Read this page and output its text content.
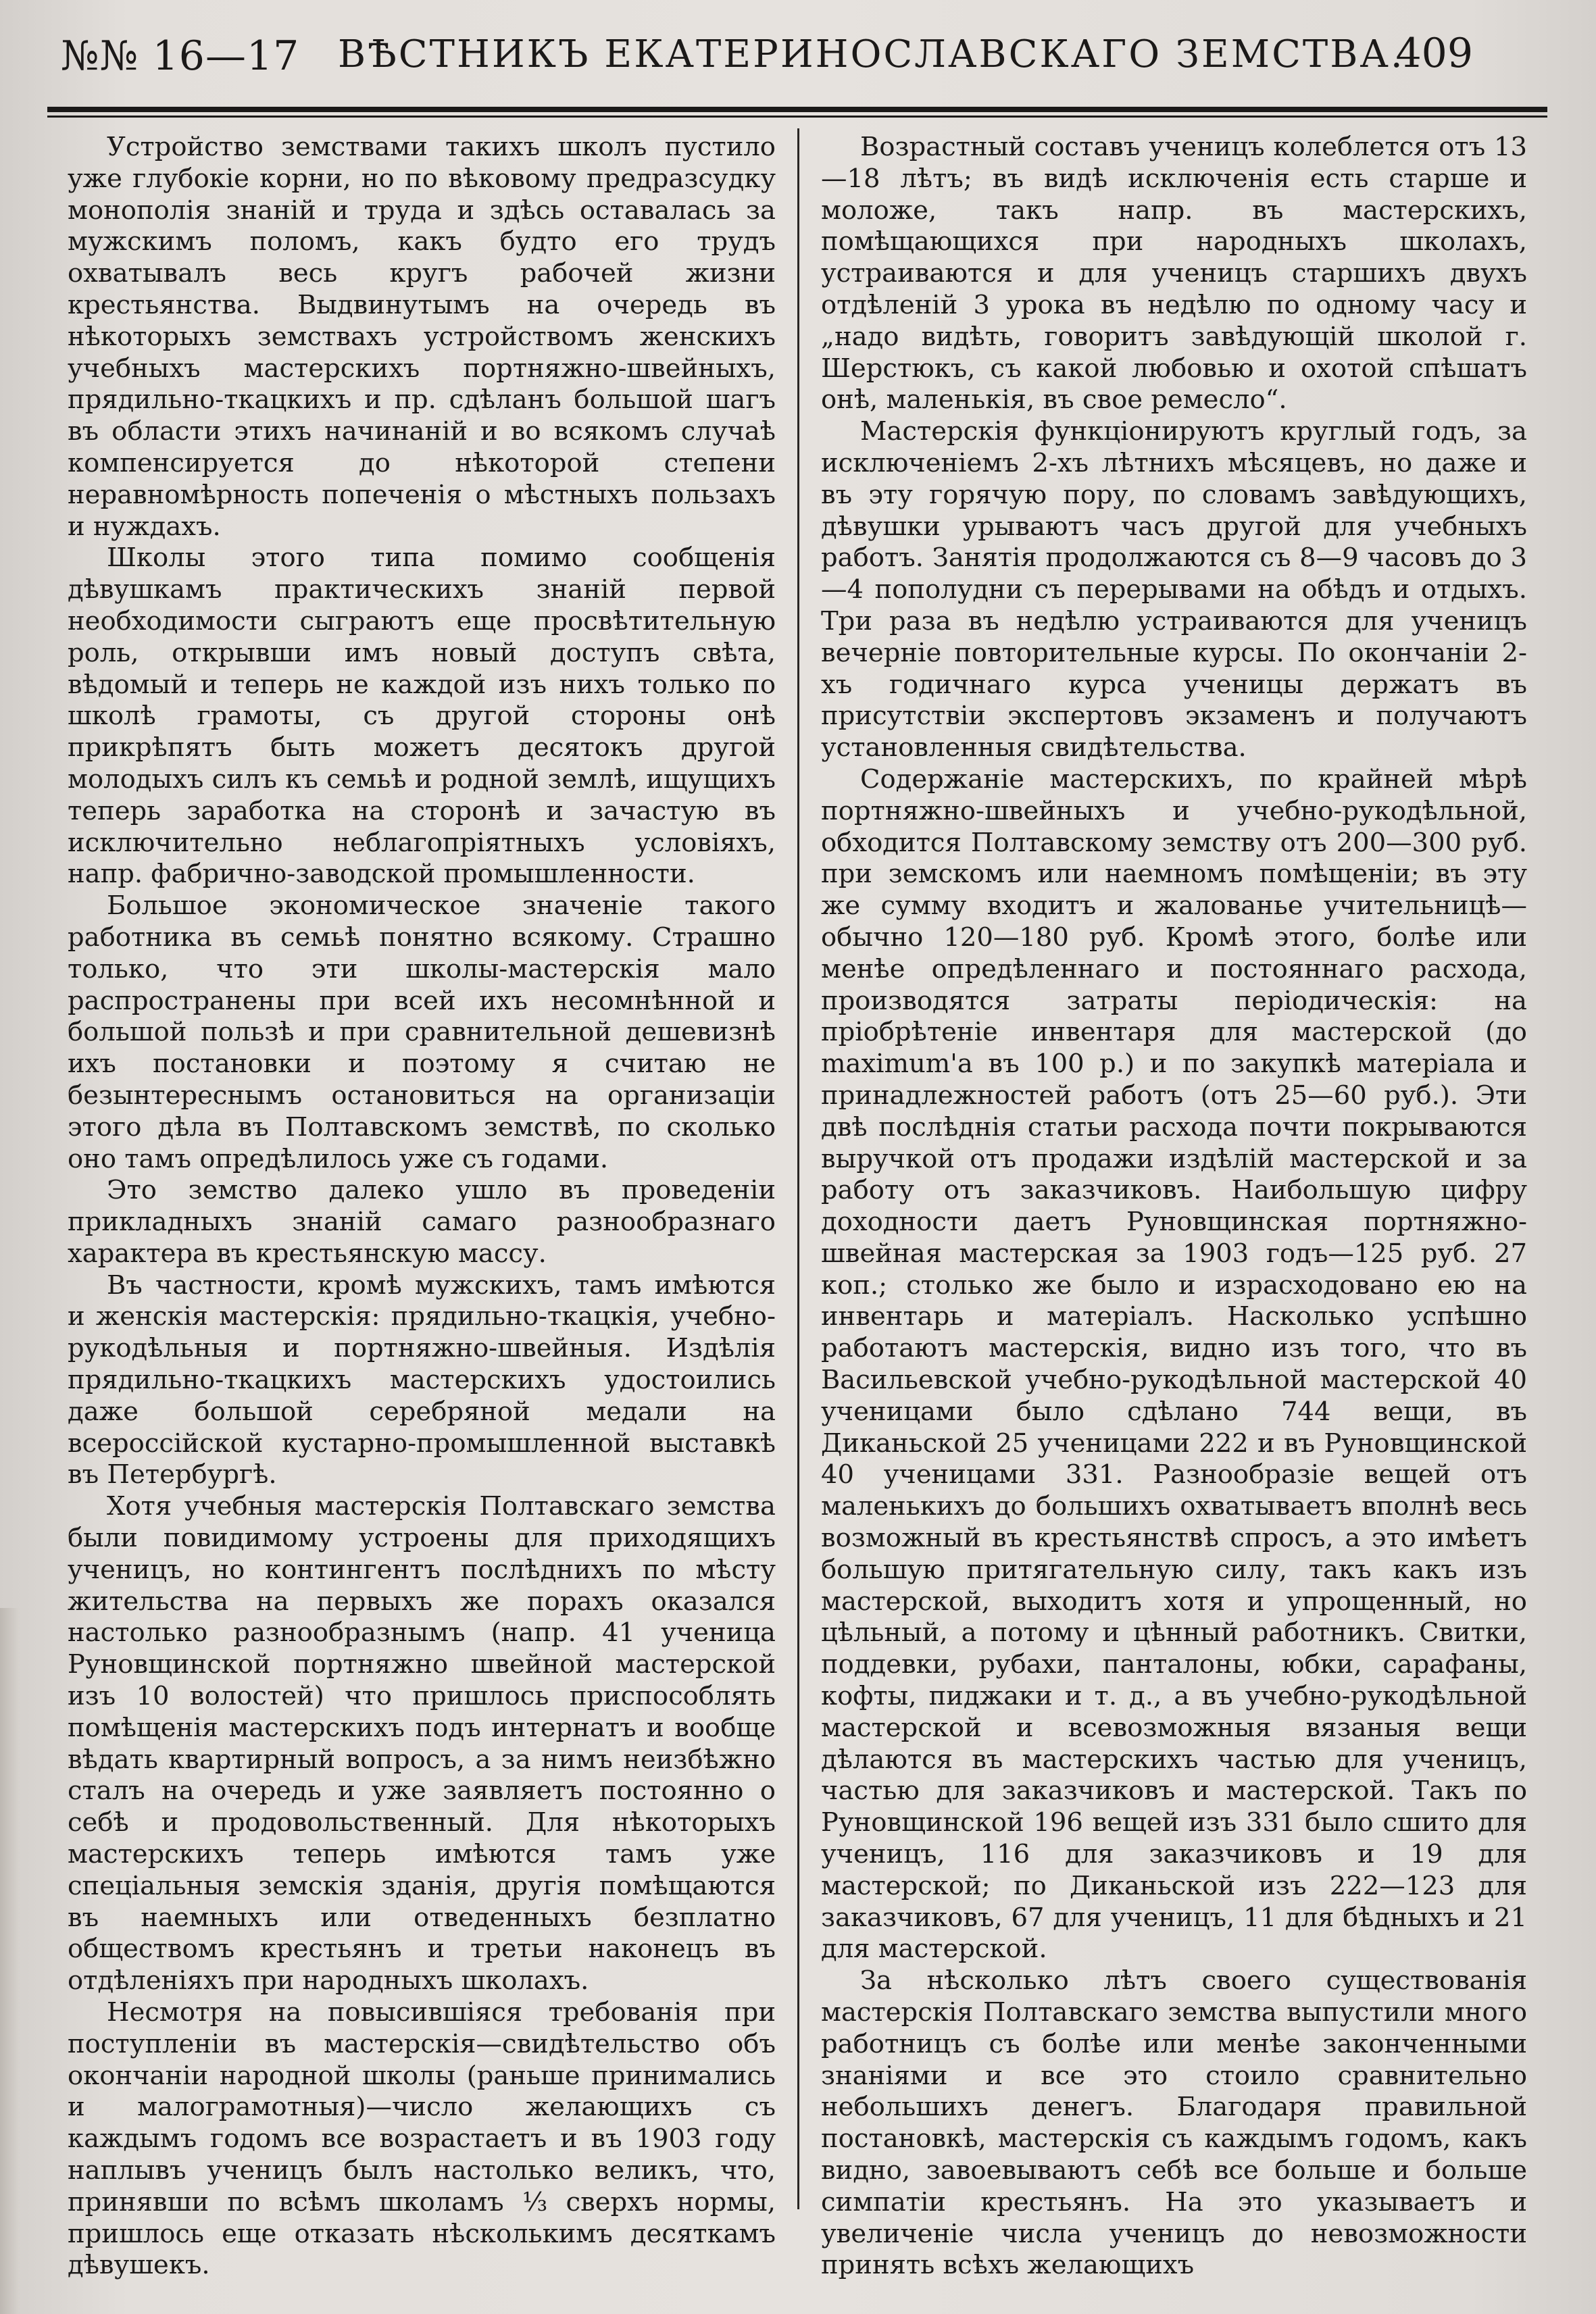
№№ 16—17 ВѢСТНИКЪ ЕКАТЕРИНОСЛАВСКАГО ЗЕМСТВА.
409

Устройство земствами такихъ школъ пустило уже глубокіе корни, но по вѣковому предразсудку монополія знаній и труда и здѣсь оставалась за мужскимъ поломъ, какъ будто его трудъ охватывалъ весь кругъ рабочей жизни крестьянства. Выдвинутымъ на очередь въ нѣкоторыхъ земствахъ устройствомъ женскихъ учебныхъ мастерскихъ портняжно-швейныхъ, прядильно-ткацкихъ и пр. сдѣланъ большой шагъ въ области этихъ начинаній и во всякомъ случаѣ компенсируется до нѣкоторой степени неравномѣрность попеченія о мѣстныхъ пользахъ и нуждахъ.

Школы этого типа помимо сообщенія дѣвушкамъ практическихъ знаній первой необходимости сыграютъ еще просвѣтительную роль, открывши имъ новый доступъ свѣта, вѣдомый и теперь не каждой изъ нихъ только по школѣ грамоты, съ другой стороны онѣ прикрѣпятъ быть можетъ десятокъ другой молодыхъ силъ къ семьѣ и родной землѣ, ищущихъ теперь заработка на сторонѣ и зачастую въ исключительно неблагопріятныхъ условіяхъ, напр. фабрично-заводской промышленности.

Большое экономическое значеніе такого работника въ семьѣ понятно всякому. Страшно только, что эти школы-мастерскія мало распространены при всей ихъ несомнѣнной и большой пользѣ и при сравнительной дешевизнѣ ихъ постановки и поэтому я считаю не безынтереснымъ остановиться на организаціи этого дѣла въ Полтавскомъ земствѣ, по сколько оно тамъ опредѣлилось уже съ годами.

Это земство далеко ушло въ проведеніи прикладныхъ знаній самаго разнообразнаго характера въ крестьянскую массу.

Въ частности, кромѣ мужскихъ, тамъ имѣются и женскія мастерскія: прядильно-ткацкія, учебно-рукодѣльныя и портняжно-швейныя. Издѣлія прядильно-ткацкихъ мастерскихъ удостоились даже большой серебряной медали на всероссійской кустарно-промышленной выставкѣ въ Петербургѣ.

Хотя учебныя мастерскія Полтавскаго земства были повидимому устроены для приходящихъ ученицъ, но контингентъ послѣднихъ по мѣсту жительства на первыхъ же порахъ оказался настолько разнообразнымъ (напр. 41 ученица Руновщинской портняжно швейной мастерской изъ 10 волостей) что пришлось приспособлять помѣщенія мастерскихъ подъ интернатъ и вообще вѣдать квартирный вопросъ, а за нимъ неизбѣжно сталъ на очередь и уже заявляетъ постоянно о себѣ и продовольственный. Для нѣкоторыхъ мастерскихъ теперь имѣются тамъ уже спеціальныя земскія зданія, другія помѣщаются въ наемныхъ или отведенныхъ безплатно обществомъ крестьянъ и третьи наконецъ въ отдѣленіяхъ при народныхъ школахъ.

Несмотря на повысившіяся требованія при поступленіи въ мастерскія—свидѣтельство объ окончаніи народной школы (раньше принимались и малограмотныя)—число желающихъ съ каждымъ годомъ все возрастаетъ и въ 1903 году наплывъ ученицъ былъ настолько великъ, что, принявши по всѣмъ школамъ ⅓ сверхъ нормы, пришлось еще отказать нѣсколькимъ десяткамъ дѣвушекъ.

Возрастный составъ ученицъ колеблется отъ 13—18 лѣтъ; въ видѣ исключенія есть старше и моложе, такъ напр. въ мастерскихъ, помѣщающихся при народныхъ школахъ, устраиваются и для ученицъ старшихъ двухъ отдѣленій 3 урока въ недѣлю по одному часу и „надо видѣть, говоритъ завѣдующій школой г. Шерстюкъ, съ какой любовью и охотой спѣшатъ онѣ, маленькія, въ свое ремесло“.

Мастерскія функціонируютъ круглый годъ, за исключеніемъ 2-хъ лѣтнихъ мѣсяцевъ, но даже и въ эту горячую пору, по словамъ завѣдующихъ, дѣвушки урываютъ часъ другой для учебныхъ работъ. Занятія продолжаются съ 8—9 часовъ до 3—4 пополудни съ перерывами на обѣдъ и отдыхъ. Три раза въ недѣлю устраиваются для ученицъ вечерніе повторительные курсы. По окончаніи 2-хъ годичнаго курса ученицы держатъ въ присутствіи экспертовъ экзаменъ и получаютъ установленныя свидѣтельства.

Содержаніе мастерскихъ, по крайней мѣрѣ портняжно-швейныхъ и учебно-рукодѣльной, обходится Полтавскому земству отъ 200—300 руб. при земскомъ или наемномъ помѣщеніи; въ эту же сумму входитъ и жалованье учительницѣ—обычно 120—180 руб. Кромѣ этого, болѣе или менѣе опредѣленнаго и постояннаго расхода, производятся затраты періодическія: на пріобрѣтеніе инвентаря для мастерской (до maximum'a въ 100 р.) и по закупкѣ матеріала и принадлежностей работъ (отъ 25—60 руб.). Эти двѣ послѣднія статьи расхода почти покрываются выручкой отъ продажи издѣлій мастерской и за работу отъ заказчиковъ. Наибольшую цифру доходности даетъ Руновщинская портняжно-швейная мастерская за 1903 годъ—125 руб. 27 коп.; столько же было и израсходовано ею на инвентарь и матеріалъ. Насколько успѣшно работаютъ мастерскія, видно изъ того, что въ Васильевской учебно-рукодѣльной мастерской 40 ученицами было сдѣлано 744 вещи, въ Диканьской 25 ученицами 222 и въ Руновщинской 40 ученицами 331. Разнообразіе вещей отъ маленькихъ до большихъ охватываетъ вполнѣ весь возможный въ крестьянствѣ спросъ, а это имѣетъ большую притягательную силу, такъ какъ изъ мастерской, выходитъ хотя и упрощенный, но цѣльный, а потому и цѣнный работникъ. Свитки, поддевки, рубахи, панталоны, юбки, сарафаны, кофты, пиджаки и т. д., а въ учебно-рукодѣльной мастерской и всевозможныя вязаныя вещи дѣлаются въ мастерскихъ частью для ученицъ, частью для заказчиковъ и мастерской. Такъ по Руновщинской 196 вещей изъ 331 было сшито для ученицъ, 116 для заказчиковъ и 19 для мастерской; по Диканьской изъ 222—123 для заказчиковъ, 67 для ученицъ, 11 для бѣдныхъ и 21 для мастерской.

За нѣсколько лѣтъ своего существованія мастерскія Полтавскаго земства выпустили много работницъ съ болѣе или менѣе законченными знаніями и все это стоило сравнительно небольшихъ денегъ. Благодаря правильной постановкѣ, мастерскія съ каждымъ годомъ, какъ видно, завоевываютъ себѣ все больше и больше симпатіи крестьянъ. На это указываетъ и увеличеніе числа ученицъ до невозможности принять всѣхъ желающихъ
